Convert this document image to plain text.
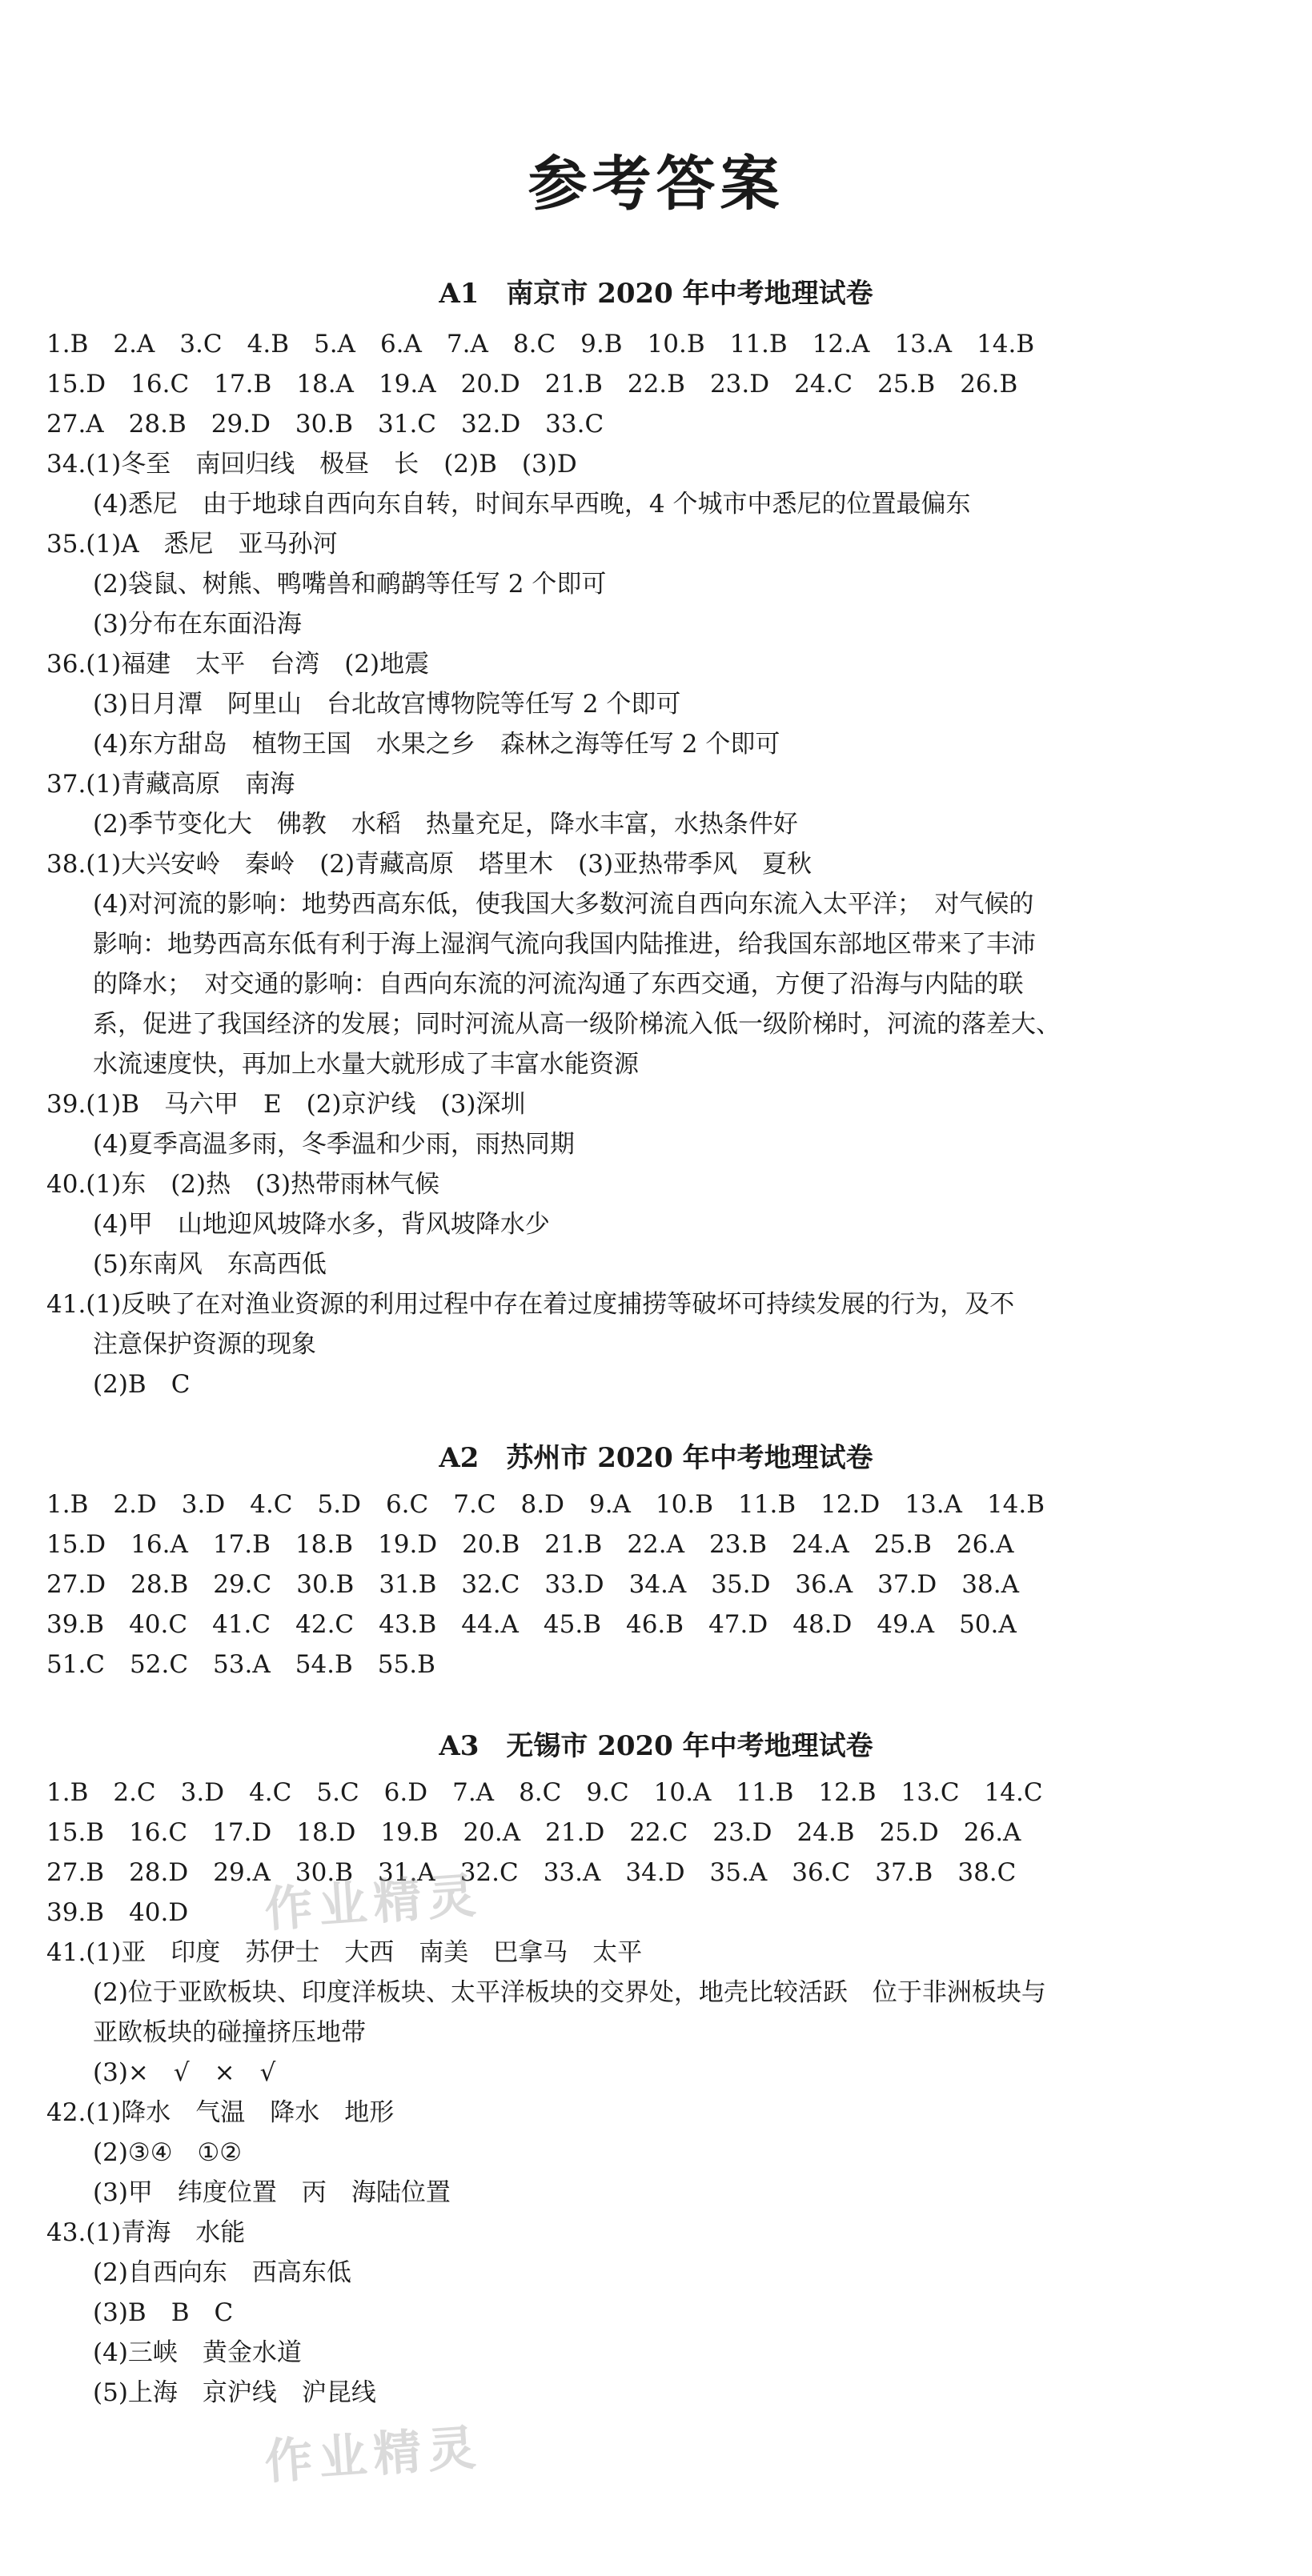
参考答案
A1　南京市 2020 年中考地理试卷
1.B　2.A　3.C　4.B　5.A　6.A　7.A　8.C　9.B　10.B　11.B　12.A　13.A　14.B
15.D　16.C　17.B　18.A　19.A　20.D　21.B　22.B　23.D　24.C　25.B　26.B
27.A　28.B　29.D　30.B　31.C　32.D　33.C
34.(1)冬至　南回归线　极昼　长　(2)B　(3)D
(4)悉尼　由于地球自西向东自转，时间东早西晚，4 个城市中悉尼的位置最偏东
35.(1)A　悉尼　亚马孙河
(2)袋鼠、树熊、鸭嘴兽和鸸鹋等任写 2 个即可
(3)分布在东面沿海
36.(1)福建　太平　台湾　(2)地震
(3)日月潭　阿里山　台北故宫博物院等任写 2 个即可
(4)东方甜岛　植物王国　水果之乡　森林之海等任写 2 个即可
37.(1)青藏高原　南海
(2)季节变化大　佛教　水稻　热量充足，降水丰富，水热条件好
38.(1)大兴安岭　秦岭　(2)青藏高原　塔里木　(3)亚热带季风　夏秋
(4)对河流的影响：地势西高东低，使我国大多数河流自西向东流入太平洋；　对气候的
影响：地势西高东低有利于海上湿润气流向我国内陆推进，给我国东部地区带来了丰沛
的降水；　对交通的影响：自西向东流的河流沟通了东西交通，方便了沿海与内陆的联
系，促进了我国经济的发展；同时河流从高一级阶梯流入低一级阶梯时，河流的落差大、
水流速度快，再加上水量大就形成了丰富水能资源
39.(1)B　马六甲　E　(2)京沪线　(3)深圳
(4)夏季高温多雨，冬季温和少雨，雨热同期
40.(1)东　(2)热　(3)热带雨林气候
(4)甲　山地迎风坡降水多，背风坡降水少
(5)东南风　东高西低
41.(1)反映了在对渔业资源的利用过程中存在着过度捕捞等破坏可持续发展的行为，及不
注意保护资源的现象
(2)B　C
A2　苏州市 2020 年中考地理试卷
1.B　2.D　3.D　4.C　5.D　6.C　7.C　8.D　9.A　10.B　11.B　12.D　13.A　14.B
15.D　16.A　17.B　18.B　19.D　20.B　21.B　22.A　23.B　24.A　25.B　26.A
27.D　28.B　29.C　30.B　31.B　32.C　33.D　34.A　35.D　36.A　37.D　38.A
39.B　40.C　41.C　42.C　43.B　44.A　45.B　46.B　47.D　48.D　49.A　50.A
51.C　52.C　53.A　54.B　55.B
A3　无锡市 2020 年中考地理试卷
1.B　2.C　3.D　4.C　5.C　6.D　7.A　8.C　9.C　10.A　11.B　12.B　13.C　14.C
15.B　16.C　17.D　18.D　19.B　20.A　21.D　22.C　23.D　24.B　25.D　26.A
27.B　28.D　29.A　30.B　31.A　32.C　33.A　34.D　35.A　36.C　37.B　38.C
39.B　40.D
41.(1)亚　印度　苏伊士　大西　南美　巴拿马　太平
(2)位于亚欧板块、印度洋板块、太平洋板块的交界处，地壳比较活跃　位于非洲板块与
亚欧板块的碰撞挤压地带
(3)×　√　×　√
42.(1)降水　气温　降水　地形
(2)③④　①②
(3)甲　纬度位置　丙　海陆位置
43.(1)青海　水能
(2)自西向东　西高东低
(3)B　B　C
(4)三峡　黄金水道
(5)上海　京沪线　沪昆线
作业精灵
作业精灵
